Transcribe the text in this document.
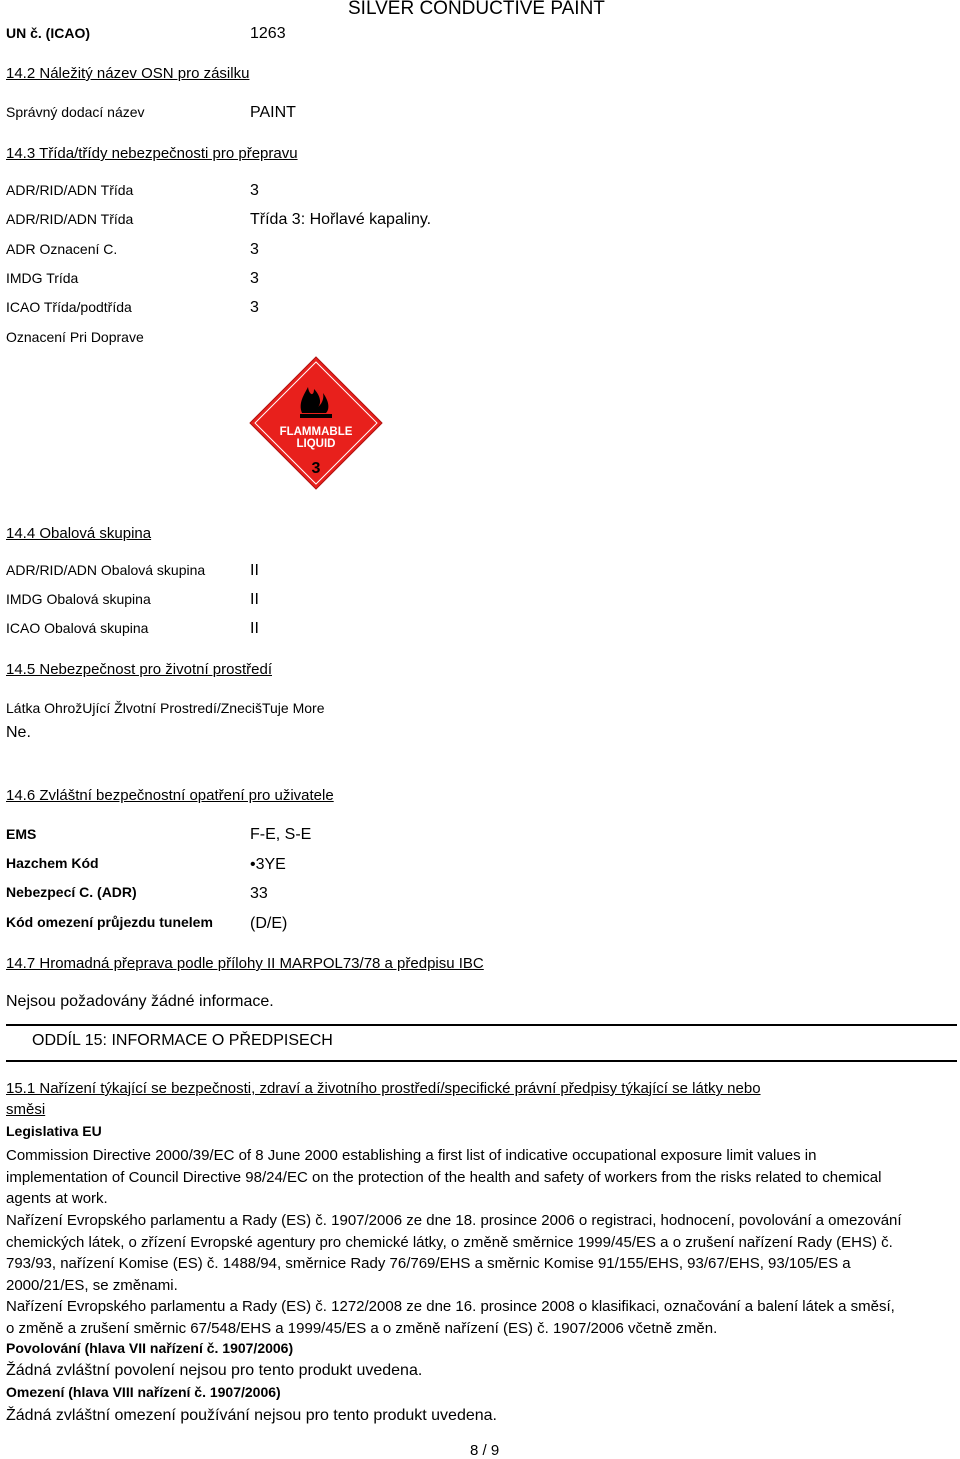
SILVER CONDUCTIVE PAINT
UN č. (ICAO)	1263
14.2 Náležitý název OSN pro zásilku
Správný dodací název	PAINT
14.3 Třída/třídy nebezpečnosti pro přepravu
ADR/RID/ADN Třída	3
ADR/RID/ADN Třída	Třída 3: Hořlavé kapaliny.
ADR Oznacení C.	3
IMDG Trída	3
ICAO Třída/podtřída	3
Oznacení Pri Doprave
FLAMMABLE
LIQUID
3
14.4 Obalová skupina
ADR/RID/ADN Obalová skupina	II
IMDG Obalová skupina	II
ICAO Obalová skupina	II
14.5 Nebezpečnost pro životní prostředí
Látka OhrožUjící Žlvotní Prostredí/ZnecišTuje More
Ne.
14.6 Zvláštní bezpečnostní opatření pro uživatele
EMS	F-E, S-E
Hazchem Kód	•3YE
Nebezpecí C. (ADR)	33
Kód omezení průjezdu tunelem (D/E)
14.7 Hromadná přeprava podle přílohy II MARPOL73/78 a předpisu IBC
Nejsou požadovány žádné informace.
ODDÍL 15: INFORMACE O PŘEDPISECH
15.1 Nařízení týkající se bezpečnosti, zdraví a životního prostředí/specifické právní předpisy týkající se látky nebo
směsi
Legislativa EU
Commission Directive 2000/39/EC of 8 June 2000 establishing a first list of indicative occupational exposure limit values in implementation of Council Directive 98/24/EC on the protection of the health and safety of workers from the risks related to chemical agents at work.
Nařízení Evropského parlamentu a Rady (ES) č. 1907/2006 ze dne 18. prosince 2006 o registraci, hodnocení, povolování a omezování chemických látek, o zřízení Evropské agentury pro chemické látky, o změně směrnice 1999/45/ES a o zrušení nařízení Rady (EHS) č. 793/93, nařízení Komise (ES) č. 1488/94, směrnice Rady 76/769/EHS a směrnic Komise 91/155/EHS, 93/67/EHS, 93/105/ES a 2000/21/ES, se změnami.
Nařízení Evropského parlamentu a Rady (ES) č. 1272/2008 ze dne 16. prosince 2008 o klasifikaci, označování a balení látek a směsí, o změně a zrušení směrnic 67/548/EHS a 1999/45/ES a o změně nařízení (ES) č. 1907/2006 včetně změn.
Povolování (hlava VII nařízení č. 1907/2006)
Žádná zvláštní povolení nejsou pro tento produkt uvedena.
Omezení (hlava VIII nařízení č. 1907/2006)
Žádná zvláštní omezení používání nejsou pro tento produkt uvedena.
8 / 9
